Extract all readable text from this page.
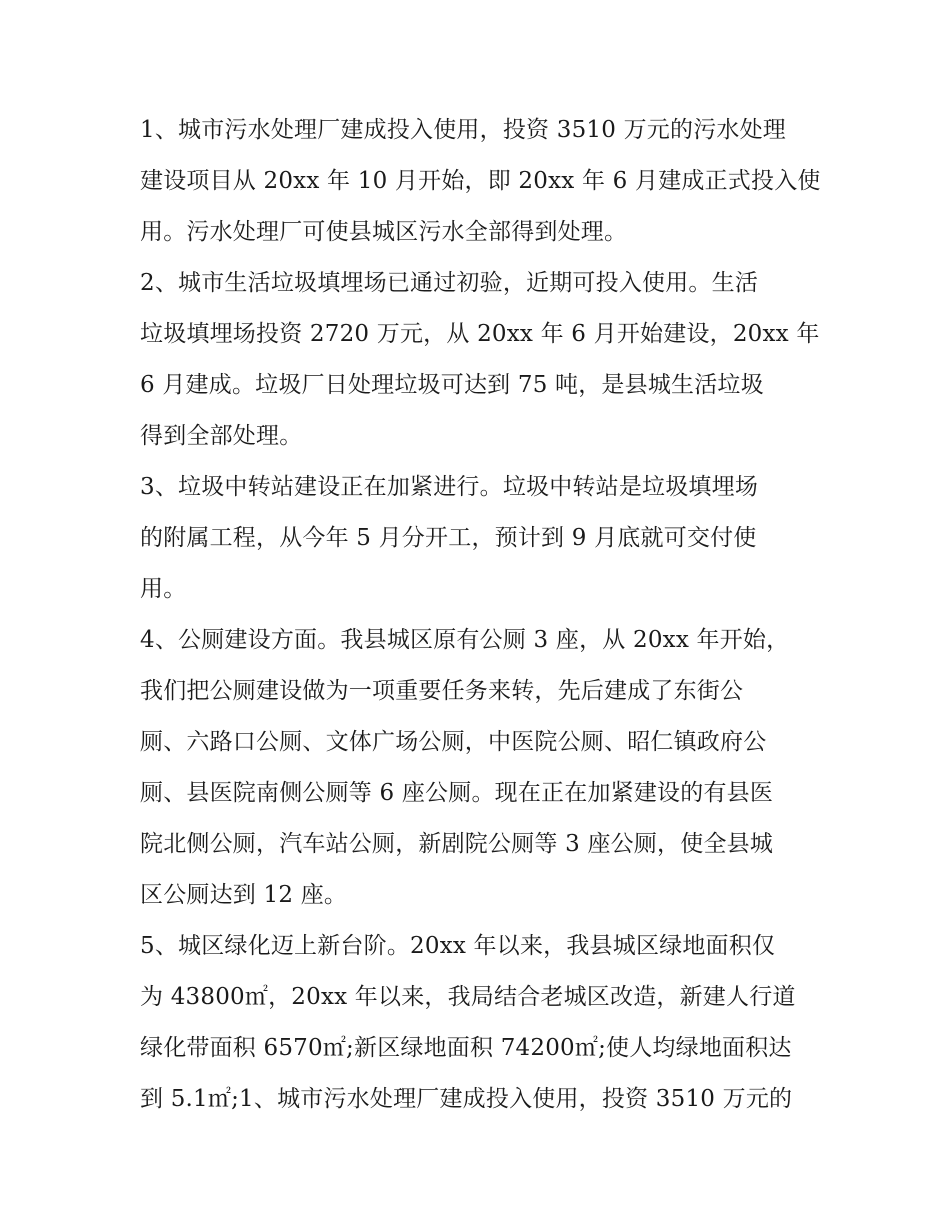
1、城市污水处理厂建成投入使用，投资 3510 万元的污水处理
建设项目从 20xx 年 10 月开始，即 20xx 年 6 月建成正式投入使
用。污水处理厂可使县城区污水全部得到处理。
2、城市生活垃圾填埋场已通过初验，近期可投入使用。生活
垃圾填埋场投资 2720 万元，从 20xx 年 6 月开始建设，20xx 年
6 月建成。垃圾厂日处理垃圾可达到 75 吨，是县城生活垃圾
得到全部处理。
3、垃圾中转站建设正在加紧进行。垃圾中转站是垃圾填埋场
的附属工程，从今年 5 月分开工，预计到 9 月底就可交付使
用。
4、公厕建设方面。我县城区原有公厕 3 座，从 20xx 年开始，
我们把公厕建设做为一项重要任务来转，先后建成了东街公
厕、六路口公厕、文体广场公厕，中医院公厕、昭仁镇政府公
厕、县医院南侧公厕等 6 座公厕。现在正在加紧建设的有县医
院北侧公厕，汽车站公厕，新剧院公厕等 3 座公厕，使全县城
区公厕达到 12 座。
5、城区绿化迈上新台阶。20xx 年以来，我县城区绿地面积仅
为 43800㎡，20xx 年以来，我局结合老城区改造，新建人行道
绿化带面积 6570㎡;新区绿地面积 74200㎡;使人均绿地面积达
到 5.1㎡;1、城市污水处理厂建成投入使用，投资 3510 万元的
